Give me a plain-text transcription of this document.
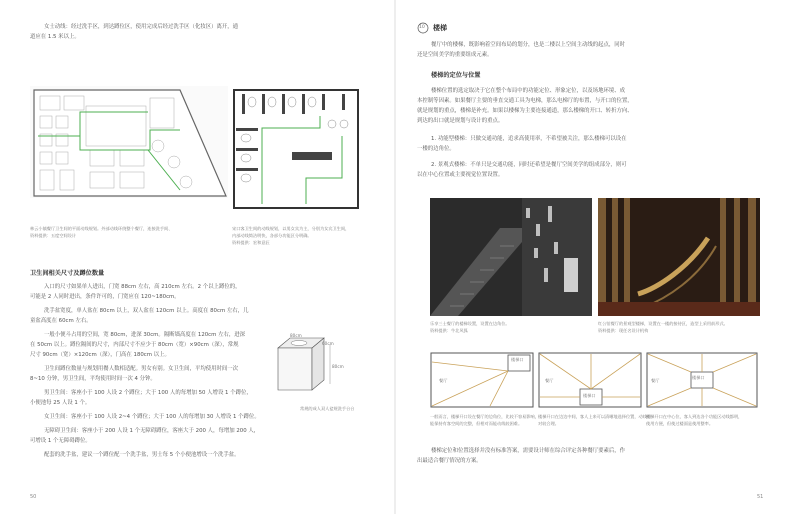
女士动线：经过洗手区，到达蹲位区，使用完成后经过洗手区（化妆区）离开，通

道应在 1.5 米以上。

林云小镇餐厅卫生间的平面动线规划。外部动线环绕整个餐厅，连接洗手间、
资料提供：五度空间设计
宋口客卫生间的动线规划，以男女宾为主，分别为女宾卫生间，
内部动线简洁明快，各部分功能区分明确。
资料提供：宏和意匠
卫生间相关尺寸及蹲位数量

入口的尺寸如果单人进出，门宽 88cm 左右，高 210cm 左右。2 个以上蹲位的，

可能是 2 人同时进出，条件许可的，门宽应在 120~180cm。

洗手盆宽度，单人盆在 80cm 以上，双人盆在 120cm 以上。高度在 80cm 左右，儿

童盆高度在 60cm 左右。

一般小便斗占用的空间，宽 80cm，进深 30cm。隔断墙高度在 120cm 左右，进深

在 50cm 以上。蹲位隔间的尺寸，内部尺寸不应少于 80cm（宽）×90cm（深），常规

尺寸 90cm（宽）×120cm（深），门高在 180cm 以上。

卫生间蹲位数量与规划用餐人数相适配。男女有别。女卫生间，平均使用时间一次

8~10 分钟，男卫生间，平均使用时间一次 4 分钟。

男卫生间：客座小于 100 人设 2 个蹲位；大于 100 人的每增加 50 人增设 1 个蹲位，

小便池每 25 人设 1 个。

女卫生间：客座小于 100 人设 2~4 个蹲位；大于 100 人的每增加 30 人增设 1 个蹲位。

无障碍卫生间：客座小于 200 人设 1 个无障碍蹲位，客座大于 200 人，每增加 200 人，

可增设 1 个无障碍蹲位。

配套的洗手盆，建议一个蹲位配一个洗手盆，男士每 5 个小便池增设一个洗手盆。

80cm
60cm
80cm
常规的成人双人盆规洗手台台
50
10 楼梯

餐厅中的楼梯，既影响着空间布局的划分，也是二楼以上空间主动线的起点，同时

还是空间美学的重要组成元素。

楼梯的定位与位置

楼梯位置的选定取决于它在整个布局中的功能定位、形象定位，以及场地环境、成

本控制等因素。如果餐厅主要的垂直交通工具为电梯，那么电梯厅的布置，与开口的位置，

就是规划的重点，楼梯是补充。如果以楼梯为主要连接通道，那么楼梯的开口、转折方向、

到达的出口就是规划与设计的重点。

1. 功能型楼梯：只做交通功能，追求高使用率，不希望被关注，那么楼梯可以设在

一楼的边角位。

2. 景观式楼梯：不单只是交通功能，同时还希望是餐厅空间美学的组成部分，则可

以在中心位置或主要视觉位置设置。

乐享三士餐厅的楼梯设置，设置在边角位。
资料提供：牛北风狐
红公馆餐厅的景观型楼梯，设置在一楼的接待区，造型上采用前形式。
资料提供：现任名设计机构
餐厅
楼梯口
餐厅
楼梯口
餐厅
楼梯口
一般而言，楼梯开口设在餐厅的边角位，比较不容易影响，
能保持有客空间的完整，但相对而能动线较困难。
楼梯开口在边边中间，客人上来可以清晰地选择位置，动线相
对较合理。
楼梯开口在中心位，客人到达各个功能区动线都明，
使用方便，但使过楼面是使用整率。

楼梯定位和位置选择并没有标准答案，需要设计师在综合评定各种餐厅要素后，作

出最适合餐厅情况的方案。

51
